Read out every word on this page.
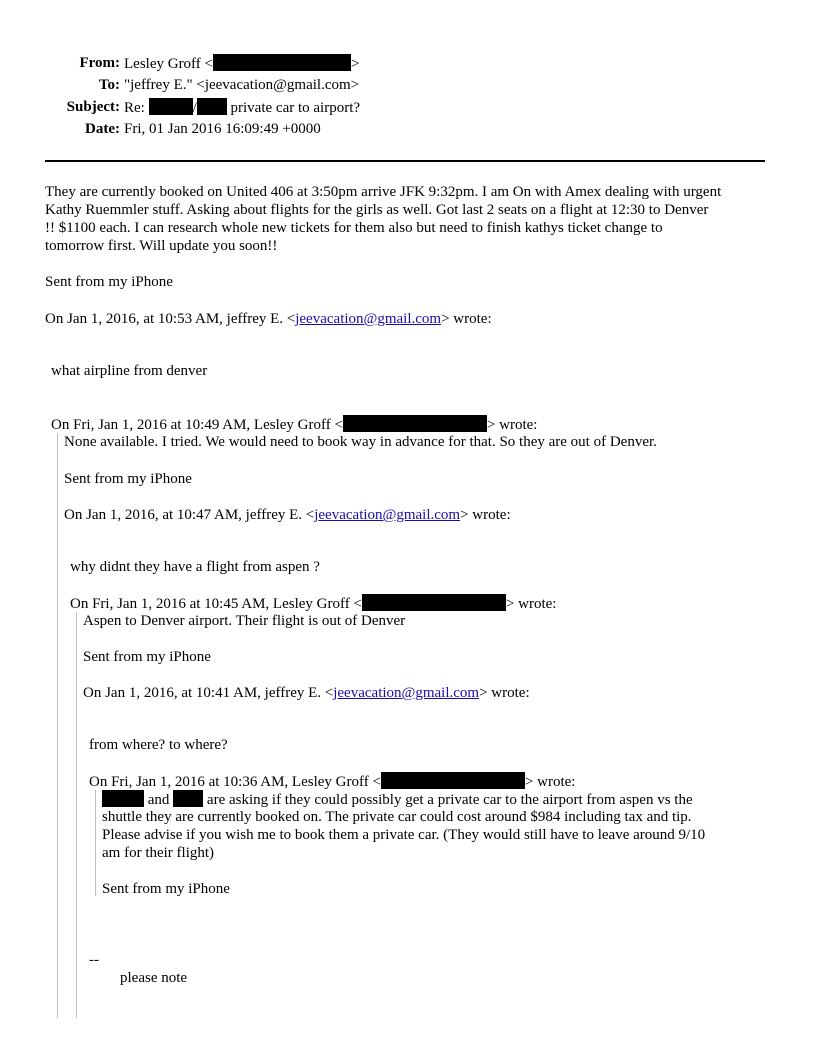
From: Lesley Groff <	>
To: "jeffrey E." <jeevacation@gmail.com>
Subject: Re:	/ private car to airport?
Date: Fri, 01 Jan 2016 16:09:49 +0000
They are currently booked on United 406 at 3:50pm arrive JFK 9:32pm. I am On with Amex dealing with urgent
Kathy Ruemmler stuff. Asking about flights for the girls as well. Got last 2 seats on a flight at 12:30 to Denver
!! $1100 each. I can research whole new tickets for them also but need to finish kathys ticket change to
tomorrow first. Will update you soon!!
Sent from my iPhone
On Jan 1, 2016, at 10:53 AM, jeffrey E. <jeevacation@gmail.com> wrote:
what airpline from denver
On Fri, Jan 1, 2016 at 10:49 AM, Lesley Groff <	> wrote:
None available. I tried. We would need to book way in advance for that. So they are out of Denver.
Sent from my iPhone
On Jan 1, 2016, at 10:47 AM, jeffrey E. <jeevacation@gmail.com> wrote:
why didnt they have a flight from aspen ?
On Fri, Jan 1, 2016 at 10:45 AM, Lesley Groff <	> wrote:
Aspen to Denver airport. Their flight is out of Denver
Sent from my iPhone
On Jan 1, 2016, at 10:41 AM, jeffrey E. <jeevacation@gmail.com> wrote:
from where? to where?
On Fri, Jan 1, 2016 at 10:36 AM, Lesley Groff <	> wrote:
and	are asking if they could possibly get a private car to the airport from aspen vs the
shuttle they are currently booked on. The private car could cost around $984 including tax and tip.
Please advise if you wish me to book them a private car. (They would still have to leave around 9/10
am for their flight)
Sent from my iPhone
--
please note
